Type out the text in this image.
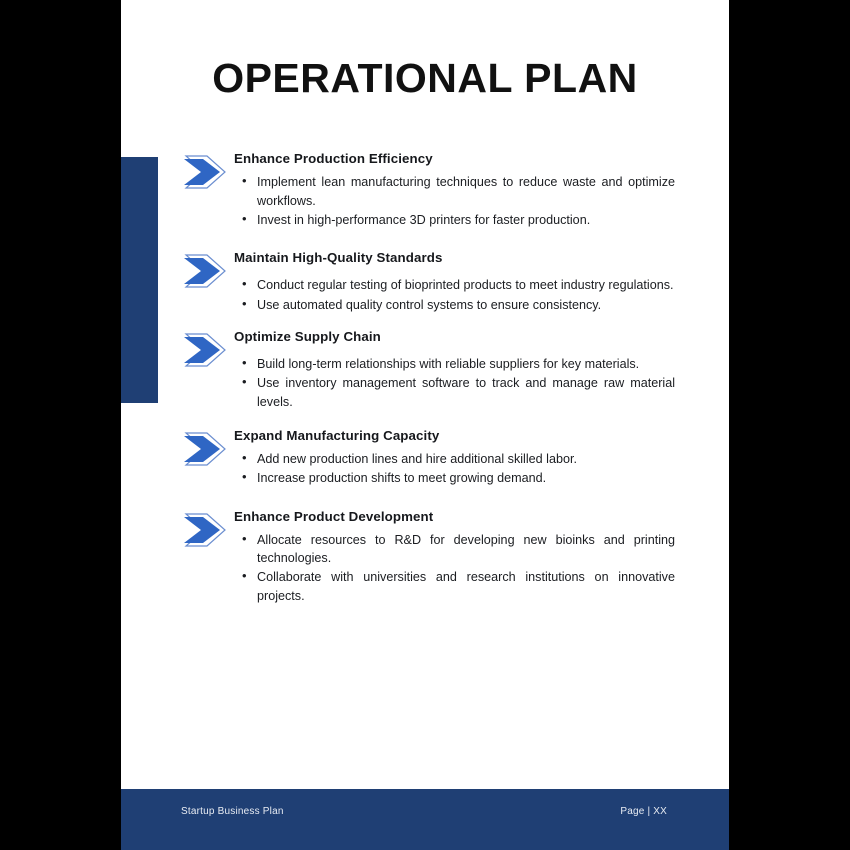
OPERATIONAL PLAN
Enhance Production Efficiency
• Implement lean manufacturing techniques to reduce waste and optimize workflows.
• Invest in high-performance 3D printers for faster production.
Maintain High-Quality Standards
• Conduct regular testing of bioprinted products to meet industry regulations.
• Use automated quality control systems to ensure consistency.
Optimize Supply Chain
• Build long-term relationships with reliable suppliers for key materials.
• Use inventory management software to track and manage raw material levels.
Expand Manufacturing Capacity
• Add new production lines and hire additional skilled labor.
• Increase production shifts to meet growing demand.
Enhance Product Development
• Allocate resources to R&D for developing new bioinks and printing technologies.
• Collaborate with universities and research institutions on innovative projects.
Startup Business Plan	Page | XX
